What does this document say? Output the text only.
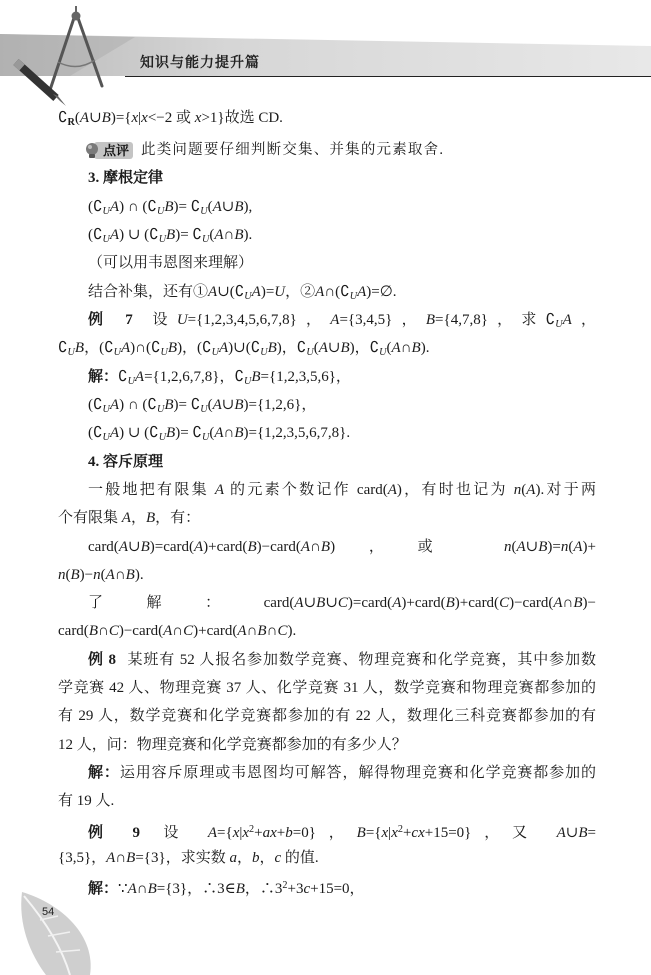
知识与能力提升篇
$∁_R(A\cup B)=\{x|x<-2$ 或 x>1}故选 CD.
点评 此类问题要仔细判断交集、并集的元素取舍.
3. 摩根定律
$(∁_UA)$ ∩ $(∁_UB)=$ $∁_U(A\cup B)$,
$(∁_UA)$ ∪ $(∁_UB)=$ $∁_U(A\cap B)$.
（可以用韦恩图来理解）
结合补集，还有$①A\cup(∁_UA)=U$，$②A\cap(∁_UA)=\emptyset$.
例 7 设U={1,2,3,4,5,6,7,8}，A={3,4,5}，B={4,7,8}，求$∁_UA$，
$∁_UB$，$(∁_UA)\cap(∁_UB)$，$(∁_UA)\cup(∁_UB)$，$∁_U(A\cup B)$，$∁_U(A\cap B)$.
解：$∁_UA=\{1,2,6,7,8\}$，$∁_UB=\{1,2,3,5,6\}$，
$(∁_UA)$ ∩ $(∁_UB)=$ $∁_U(A\cup B)=\{1,2,6\}$，
$(∁_UA)$ ∪ $(∁_UB)=$ $∁_U(A\cap B)=\{1,2,3,5,6,7,8\}$.
4. 容斥原理
一般地把有限集 A 的元素个数记作 card(A)，有时也记为 n(A).对于两
个有限集 A，B，有：
card(A∪B)=card(A)+card(B)−card(A∩B)，或 n(A∪B)=n(A)+
n(B)−n(A∩B).
了解：card(A∪B∪C)=card(A)+card(B)+card(C)−card(A∩B)−
card(B∩C)−card(A∩C)+card(A∩B∩C).
例 8 某班有 52 人报名参加数学竞赛、物理竞赛和化学竞赛，其中参加数
学竞赛 42 人、物理竞赛 37 人、化学竞赛 31 人，数学竞赛和物理竞赛都参加的
有 29 人，数学竞赛和化学竞赛都参加的有 22 人，数理化三科竞赛都参加的有
12 人，问：物理竞赛和化学竞赛都参加的有多少人？
解：运用容斥原理或韦恩图均可解答，解得物理竞赛和化学竞赛都参加的
有 19 人.
例 9 设 $A=\{x|x^2+ax+b=0\}$，$B=\{x|x^2+cx+15=0\}$，又 A∪B=
{3,5}，A∩B={3}，求实数 a，b，c 的值.
解：∵A∩B={3}，∴3∈B，$\therefore 3^2+3c+15=0$，
54
